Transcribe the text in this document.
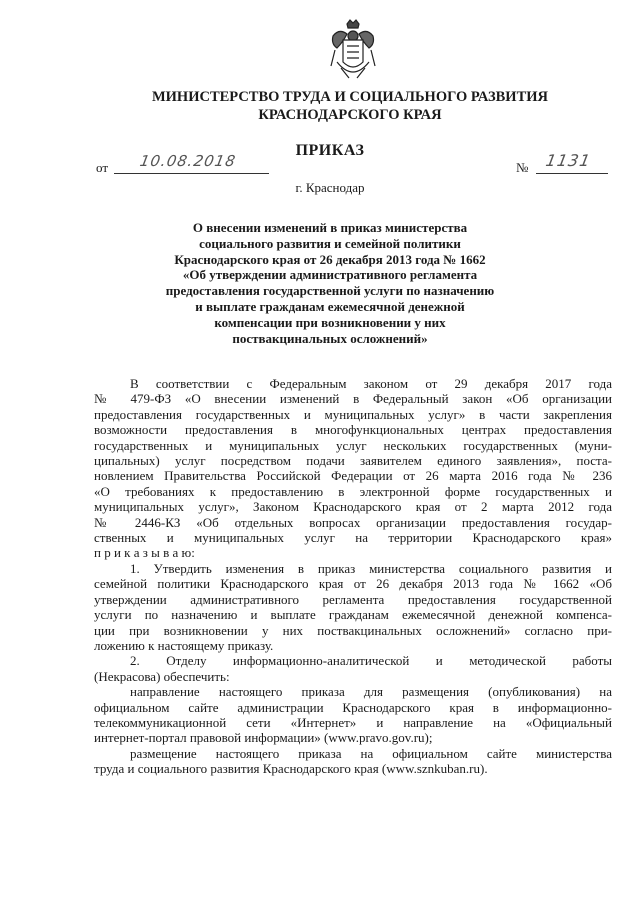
МИНИСТЕРСТВО ТРУДА И СОЦИАЛЬНОГО РАЗВИТИЯ
КРАСНОДАРСКОГО КРАЯ
ПРИКАЗ
от 10.08.2018	№ 1131
г. Краснодар
О внесении изменений в приказ министерства
социального развития и семейной политики
Краснодарского края от 26 декабря 2013 года № 1662
«Об утверждении административного регламента
предоставления государственной услуги по назначению
и выплате гражданам ежемесячной денежной
компенсации при возникновении у них
поствакцинальных осложнений»
В соответствии с Федеральным законом от 29 декабря 2017 года
№ 479-ФЗ «О внесении изменений в Федеральный закон «Об организации
предоставления государственных и муниципальных услуг» в части закрепления
возможности предоставления в многофункциональных центрах предоставления
государственных и муниципальных услуг нескольких государственных (муни-
ципальных) услуг посредством подачи заявителем единого заявления», поста-
новлением Правительства Российской Федерации от 26 марта 2016 года № 236
«О требованиях к предоставлению в электронной форме государственных и
муниципальных услуг», Законом Краснодарского края от 2 марта 2012 года
№ 2446-КЗ «Об отдельных вопросах организации предоставления государ-
ственных и муниципальных услуг на территории Краснодарского края»
п р и к а з ы в а ю:
1. Утвердить изменения в приказ министерства социального развития и
семейной политики Краснодарского края от 26 декабря 2013 года № 1662 «Об
утверждении административного регламента предоставления государственной
услуги по назначению и выплате гражданам ежемесячной денежной компенса-
ции при возникновении у них поствакцинальных осложнений» согласно при-
ложению к настоящему приказу.
2. Отделу информационно-аналитической и методической работы
(Некрасова) обеспечить:
направление настоящего приказа для размещения (опубликования) на
официальном сайте администрации Краснодарского края в информационно-
телекоммуникационной сети «Интернет» и направление на «Официальный
интернет-портал правовой информации» (www.pravo.gov.ru);
размещение настоящего приказа на официальном сайте министерства
труда и социального развития Краснодарского края (www.sznkuban.ru).
